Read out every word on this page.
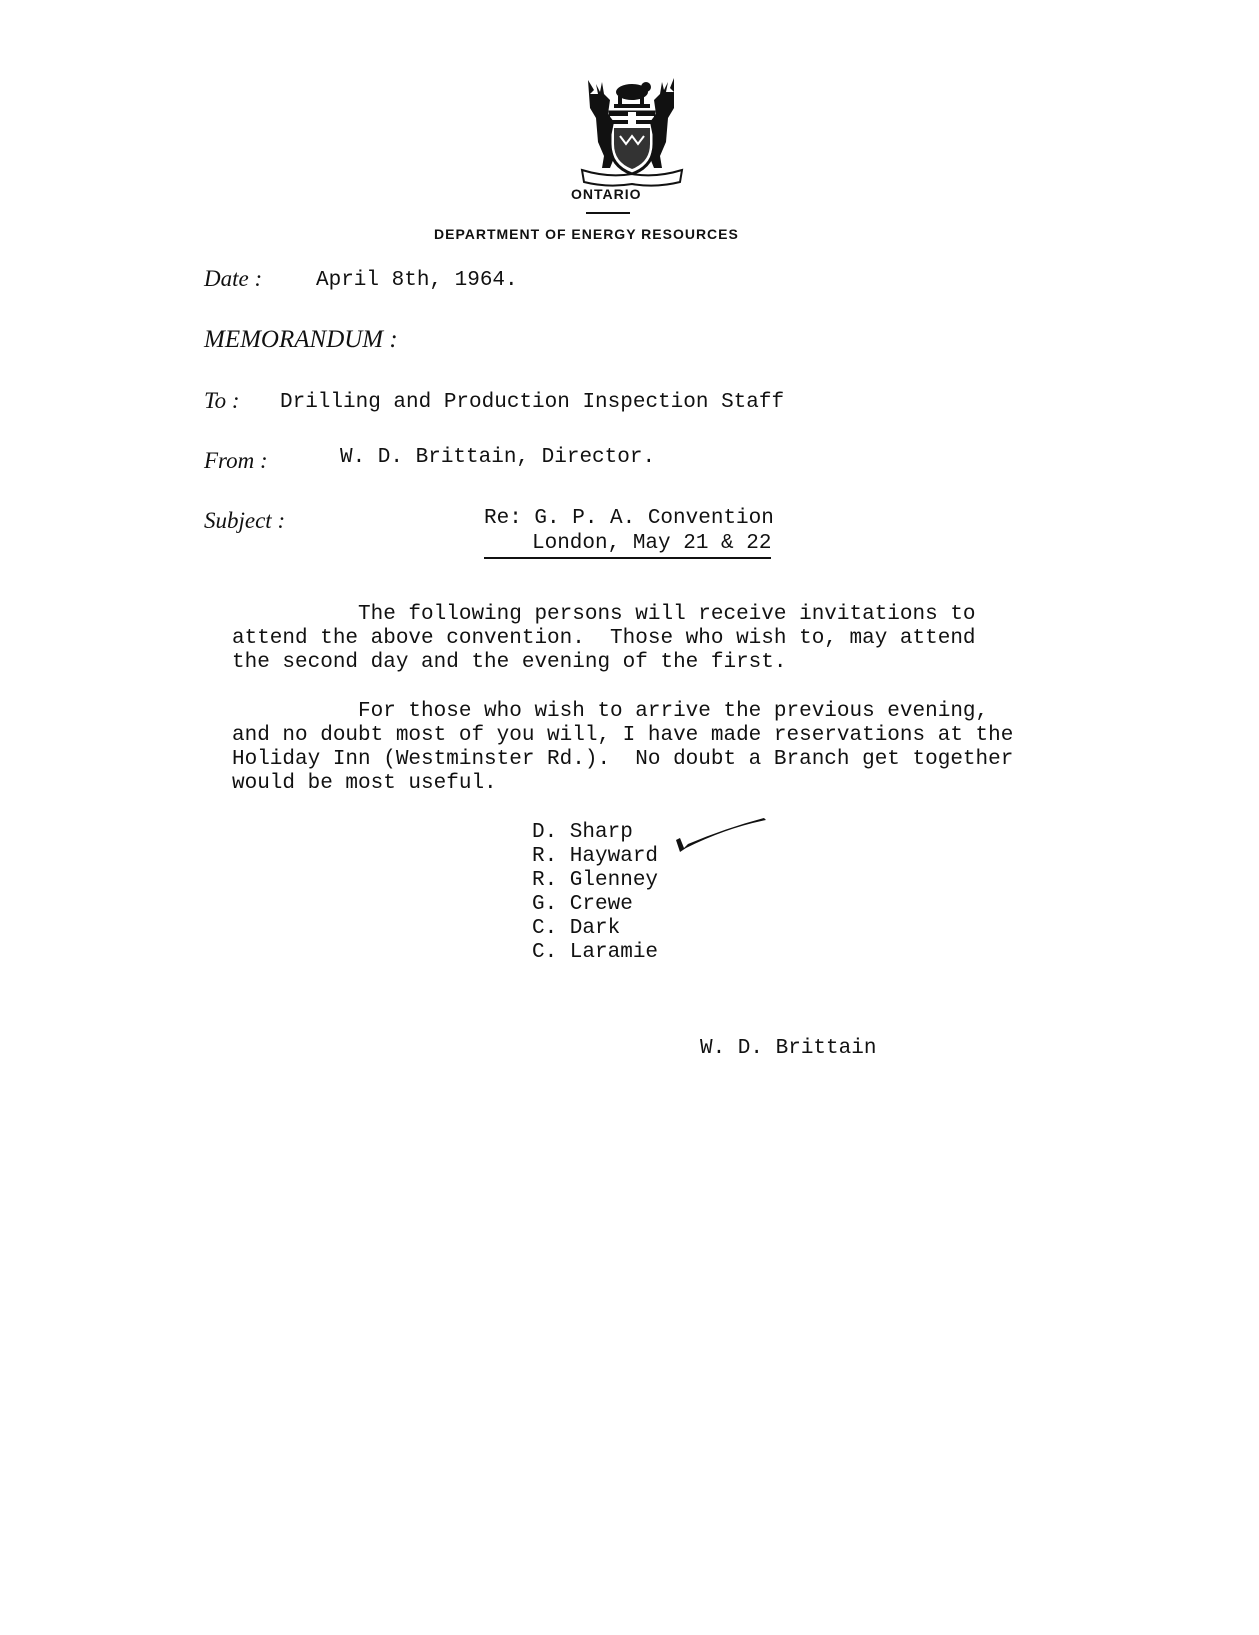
ONTARIO
DEPARTMENT OF ENERGY RESOURCES
Date :	April 8th, 1964.
MEMORANDUM :
To : Drilling and Production Inspection Staff
From :	W. D. Brittain, Director.
Subject :	Re: G. P. A. Convention
London, May 21 & 22
The following persons will receive invitations to
attend the above convention.  Those who wish to, may attend
the second day and the evening of the first.
For those who wish to arrive the previous evening,
and no doubt most of you will, I have made reservations at the
Holiday Inn (Westminster Rd.).  No doubt a Branch get together
would be most useful.
D. Sharp
R. Hayward
R. Glenney
G. Crewe
C. Dark
C. Laramie
W. D. Brittain
